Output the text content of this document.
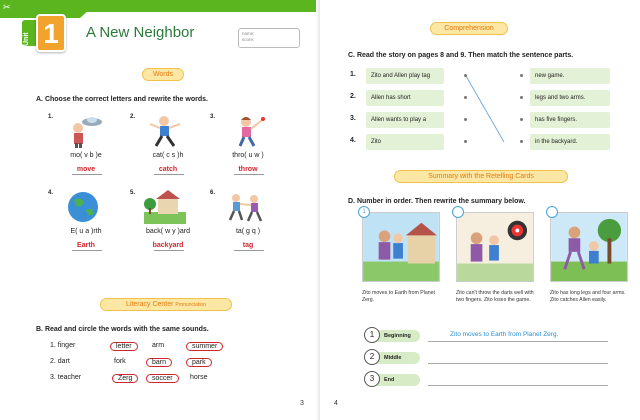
✂
Unit 1	A New Neighbor	name:
score:
Words
A. Choose the correct letters and rewrite the words.
1.
mo( v b )e
move
2.
cat( c s )h
catch
3.
thro( u w )
throw
4.
E( u a )rth
Earth
5.
back( w y )ard
backyard
6.
ta( g q )
tag
Literacy Center Pronunciation
B. Read and circle the words with the same sounds.
1. finger	letter	arm	summer
2. dart	fork	barn	park
3. teacher	Zerg	soccer	horse
3
Comprehension
C. Read the story on pages 8 and 9. Then match the sentence parts.
1.	Zito and Allen play tag	new game.
2.	Allen has short	legs and two arms.
3.	Allen wants to play a	has five fingers.
4.	Zito	in the backyard.
Summary with the Retelling Cards
D. Number in order. Then rewrite the summary below.
1
Zito moves to Earth from Planet Zerg.
Zito can't throw the darts well with two fingers. Zito loses the game.
Zito has long legs and four arms. Zito catches Allen easily.
Beginning
1	Zito moves to Earth from Planet Zerg.
Middle
2
End
3
4
